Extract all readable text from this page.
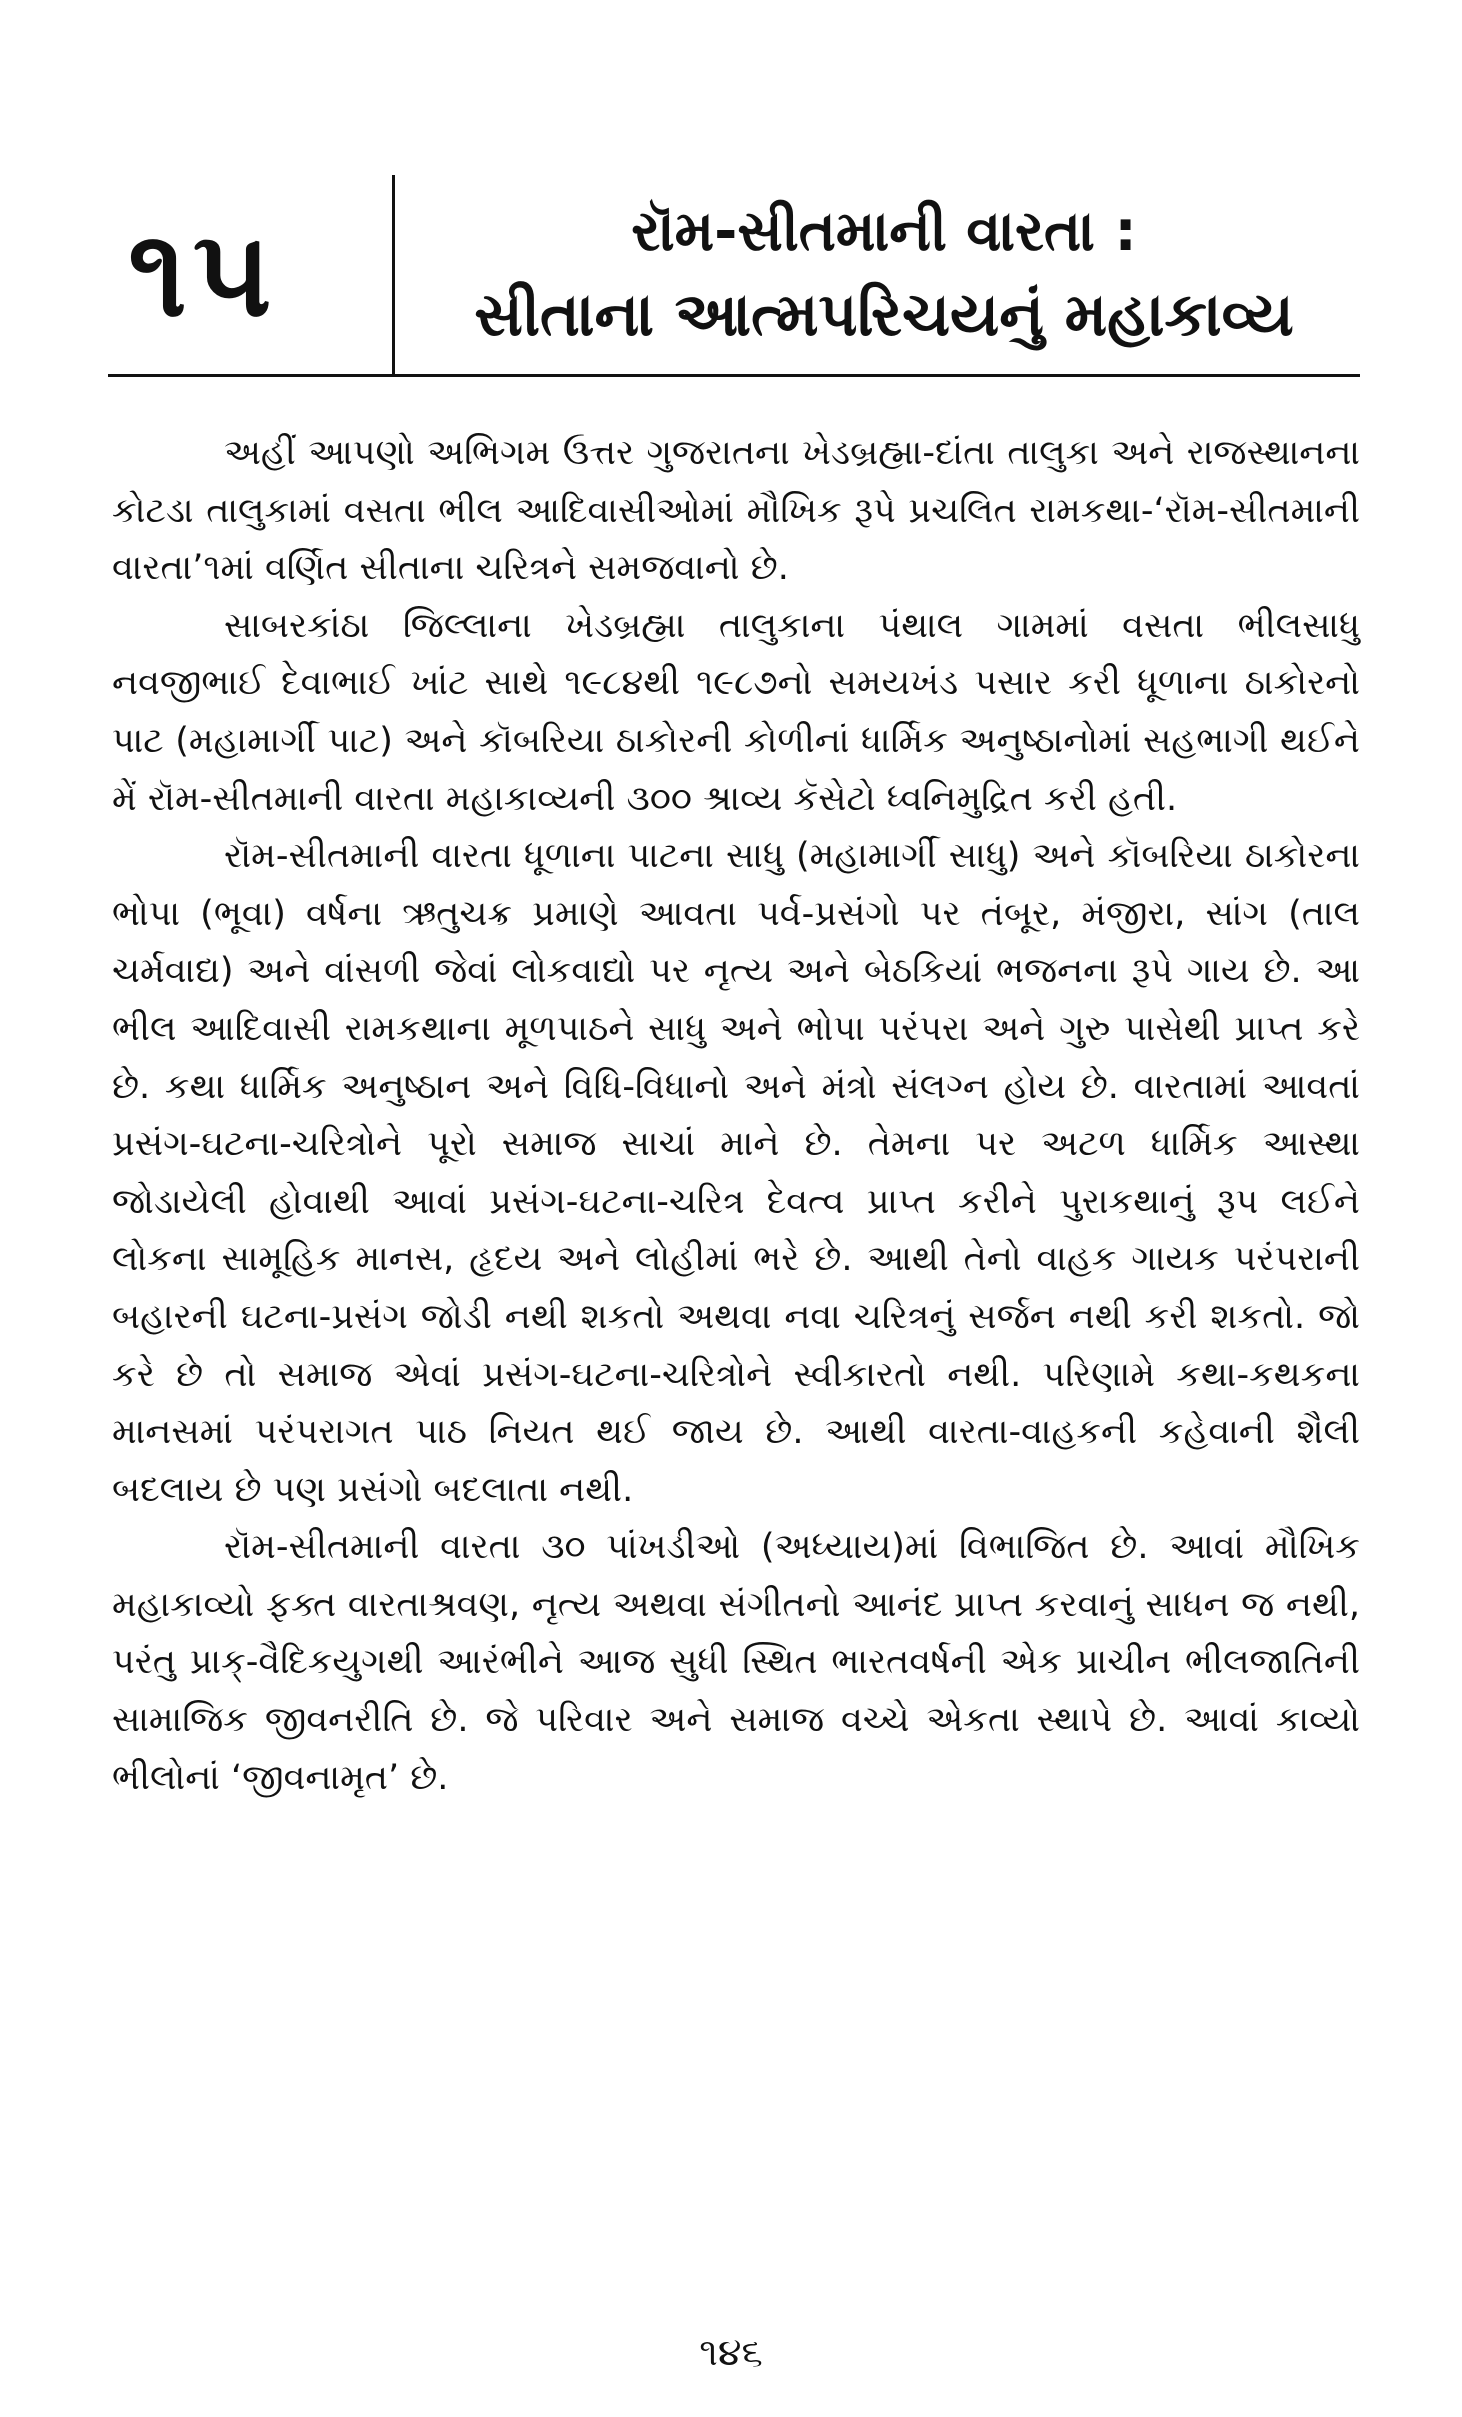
૧૫	રૉમ-સીતમાની વારતા :
સીતાના આત્મપરિચયનું મહાકાવ્ય

અહીં આપણો અભિગમ ઉત્તર ગુજરાતના ખેડબ્રહ્મા-દાંતા તાલુકા અને રાજસ્થાનના કોટડા તાલુકામાં વસતા ભીલ આદિવાસીઓમાં મૌખિક રૂપે પ્રચલિત રામકથા-‘રૉમ-સીતમાની વારતા’૧માં વર્ણિત સીતાના ચરિત્રને સમજવાનો છે.

સાબરકાંઠા જિલ્લાના ખેડબ્રહ્મા તાલુકાના પંથાલ ગામમાં વસતા ભીલસાધુ નવજીભાઈ દેવાભાઈ ખાંટ સાથે ૧૯૮૪થી ૧૯૮૭નો સમયખંડ પસાર કરી ધૂળાના ઠાકોરનો પાટ (મહામાર્ગી પાટ) અને કૉબરિયા ઠાકોરની કોળીનાં ધાર્મિક અનુષ્ઠાનોમાં સહભાગી થઈને મેં રૉમ-સીતમાની વારતા મહાકાવ્યની ૩૦૦ શ્રાવ્ય કૅસેટો ધ્વનિમુદ્રિત કરી હતી.

રૉમ-સીતમાની વારતા ધૂળાના પાટના સાધુ (મહામાર્ગી સાધુ) અને કૉબરિયા ઠાકોરના ભોપા (ભૂવા) વર્ષના ઋતુચક્ર પ્રમાણે આવતા પર્વ-પ્રસંગો પર તંબૂર, મંજીરા, સાંગ (તાલ ચર્મવાદ્ય) અને વાંસળી જેવાં લોકવાદ્યો પર નૃત્ય અને બેઠકિયાં ભજનના રૂપે ગાય છે. આ ભીલ આદિવાસી રામકથાના મૂળપાઠને સાધુ અને ભોપા પરંપરા અને ગુરુ પાસેથી પ્રાપ્ત કરે છે. કથા ધાર્મિક અનુષ્ઠાન અને વિધિ-વિધાનો અને મંત્રો સંલગ્ન હોય છે. વારતામાં આવતાં પ્રસંગ-ઘટના-ચરિત્રોને પૂરો સમાજ સાચાં માને છે. તેમના પર અટળ ધાર્મિક આસ્થા જોડાયેલી હોવાથી આવાં પ્રસંગ-ઘટના-ચરિત્ર દેવત્વ પ્રાપ્ત કરીને પુરાકથાનું રૂપ લઈને લોકના સામૂહિક માનસ, હૃદય અને લોહીમાં ભરે છે. આથી તેનો વાહક ગાયક પરંપરાની બહારની ઘટના-પ્રસંગ જોડી નથી શકતો અથવા નવા ચરિત્રનું સર્જન નથી કરી શકતો. જો કરે છે તો સમાજ એવાં પ્રસંગ-ઘટના-ચરિત્રોને સ્વીકારતો નથી. પરિણામે કથા-કથકના માનસમાં પરંપરાગત પાઠ નિયત થઈ જાય છે. આથી વારતા-વાહકની કહેવાની શૈલી બદલાય છે પણ પ્રસંગો બદલાતા નથી.

રૉમ-સીતમાની વારતા ૩૦ પાંખડીઓ (અધ્યાય)માં વિભાજિત છે. આવાં મૌખિક મહાકાવ્યો ફક્ત વારતાશ્રવણ, નૃત્ય અથવા સંગીતનો આનંદ પ્રાપ્ત કરવાનું સાધન જ નથી, પરંતુ પ્રાક્-વૈદિકયુગથી આરંભીને આજ સુધી સ્થિત ભારતવર્ષની એક પ્રાચીન ભીલજાતિની સામાજિક જીવનરીતિ છે. જે પરિવાર અને સમાજ વચ્ચે એકતા સ્થાપે છે. આવાં કાવ્યો ભીલોનાં ‘જીવનામૃત’ છે.

૧૪૬
